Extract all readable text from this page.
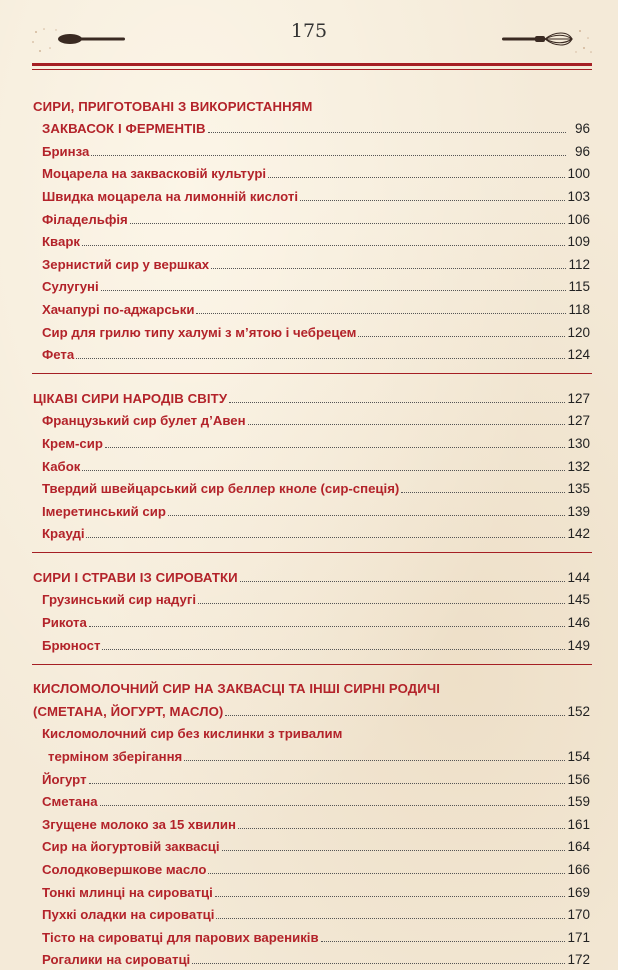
175
СИРИ, ПРИГОТОВАНІ З ВИКОРИСТАННЯМ
ЗАКВАСОК І ФЕРМЕНТІВ	96
Бринза	96
Моцарела на заквасковій культурі	100
Швидка моцарела на лимонній кислоті	103
Філадельфія	106
Кварк	109
Зернистий сир у вершках	112
Сулугуні	115
Хачапурі по-аджарськи	118
Сир для грилю типу халумі з м’ятою і чебрецем	120
Фета	124
ЦІКАВІ СИРИ НАРОДІВ СВІТУ	127
Французький сир булет д’Авен	127
Крем-сир	130
Кабок	132
Твердий швейцарський сир беллер кноле (сир-спеція)	135
Імеретинський сир	139
Крауді	142
СИРИ І СТРАВИ ІЗ СИРОВАТКИ	144
Грузинський сир надугі	145
Рикота	146
Брюност	149
КИСЛОМОЛОЧНИЙ СИР НА ЗАКВАСЦІ ТА ІНШІ СИРНІ РОДИЧІ
(СМЕТАНА, ЙОГУРТ, МАСЛО)	152
Кисломолочний сир без кислинки з тривалим
терміном зберігання	154
Йогурт	156
Сметана	159
Згущене молоко за 15 хвилин	161
Сир на йогуртовій заквасці	164
Солодковершкове масло	166
Тонкі млинці на сироватці	169
Пухкі оладки на сироватці	170
Тісто на сироватці для парових вареників	171
Рогалики на сироватці	172
